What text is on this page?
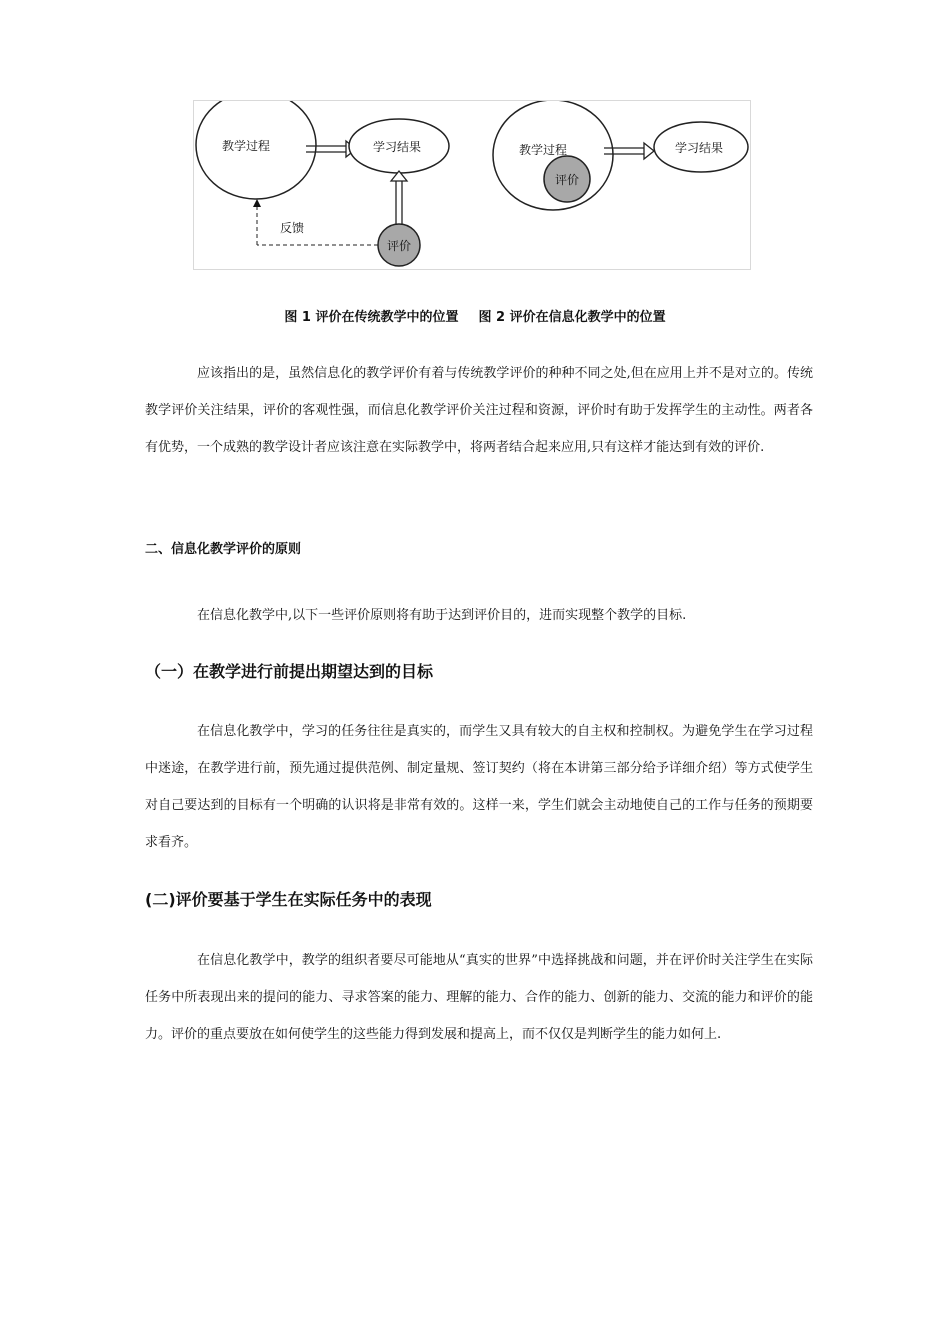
教学过程	学习结果
评价
反馈
教学过程
评价
学习结果
图 1 评价在传统教学中的位置 图 2 评价在信息化教学中的位置

应该指出的是，虽然信息化的教学评价有着与传统教学评价的种种不同之处,但在应用上并不是对立的。传统教学评价关注结果，评价的客观性强，而信息化教学评价关注过程和资源，评价时有助于发挥学生的主动性。两者各有优势，一个成熟的教学设计者应该注意在实际教学中，将两者结合起来应用,只有这样才能达到有效的评价.

二、信息化教学评价的原则

在信息化教学中,以下一些评价原则将有助于达到评价目的，进而实现整个教学的目标.

（一）在教学进行前提出期望达到的目标

在信息化教学中，学习的任务往往是真实的，而学生又具有较大的自主权和控制权。为避免学生在学习过程中迷途，在教学进行前，预先通过提供范例、制定量规、签订契约（将在本讲第三部分给予详细介绍）等方式使学生对自己要达到的目标有一个明确的认识将是非常有效的。这样一来，学生们就会主动地使自己的工作与任务的预期要求看齐。

(二)评价要基于学生在实际任务中的表现

在信息化教学中，教学的组织者要尽可能地从“真实的世界”中选择挑战和问题，并在评价时关注学生在实际任务中所表现出来的提问的能力、寻求答案的能力、理解的能力、合作的能力、创新的能力、交流的能力和评价的能力。评价的重点要放在如何使学生的这些能力得到发展和提高上，而不仅仅是判断学生的能力如何上.
